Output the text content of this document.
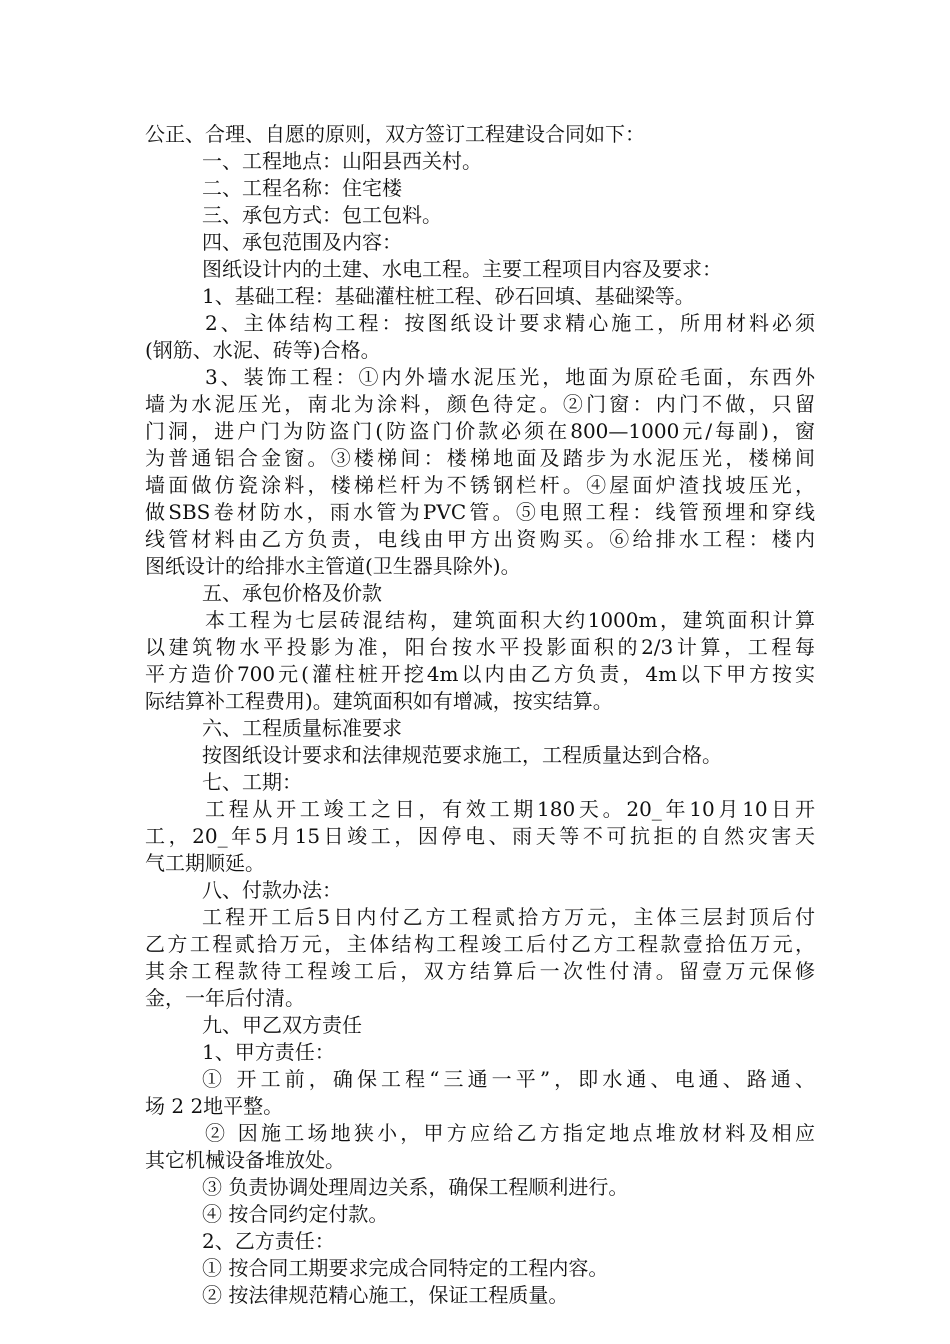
公正、合理、自愿的原则，双方签订工程建设合同如下：
一、工程地点：山阳县西关村。
二、工程名称：住宅楼
三、承包方式：包工包料。
四、承包范围及内容：
图纸设计内的土建、水电工程。主要工程项目内容及要求：
1、基础工程：基础灌柱桩工程、砂石回填、基础梁等。
2、主体结构工程：按图纸设计要求精心施工，所用材料必须
(钢筋、水泥、砖等)合格。
3、装饰工程：①内外墙水泥压光，地面为原砼毛面，东西外
墙为水泥压光，南北为涂料，颜色待定。②门窗：内门不做，只留
门洞，进户门为防盗门(防盗门价款必须在800—1000元/每副)，窗
为普通铝合金窗。③楼梯间：楼梯地面及踏步为水泥压光，楼梯间
墙面做仿瓷涂料，楼梯栏杆为不锈钢栏杆。④屋面炉渣找坡压光，
做SBS卷材防水，雨水管为PVC管。⑤电照工程：线管预埋和穿线
线管材料由乙方负责，电线由甲方出资购买。⑥给排水工程：楼内
图纸设计的给排水主管道(卫生器具除外)。
五、承包价格及价款
本工程为七层砖混结构，建筑面积大约1000m，建筑面积计算
以建筑物水平投影为准，阳台按水平投影面积的2/3计算，工程每
平方造价700元(灌柱桩开挖4m以内由乙方负责，4m以下甲方按实
际结算补工程费用)。建筑面积如有增减，按实结算。
六、工程质量标准要求
按图纸设计要求和法律规范要求施工，工程质量达到合格。
七、工期：
工程从开工竣工之日，有效工期180天。20_年10月10日开
工，20_年5月15日竣工，因停电、雨天等不可抗拒的自然灾害天
气工期顺延。
八、付款办法：
工程开工后5日内付乙方工程贰拾方万元，主体三层封顶后付
乙方工程贰拾万元，主体结构工程竣工后付乙方工程款壹拾伍万元，
其余工程款待工程竣工后，双方结算后一次性付清。留壹万元保修
金，一年后付清。
九、甲乙双方责任
1、甲方责任：
① 开工前，确保工程“三通一平”，即水通、电通、路通、
场 2 2地平整。
② 因施工场地狭小，甲方应给乙方指定地点堆放材料及相应
其它机械设备堆放处。
③ 负责协调处理周边关系，确保工程顺利进行。
④ 按合同约定付款。
2、乙方责任：
① 按合同工期要求完成合同特定的工程内容。
② 按法律规范精心施工，保证工程质量。
